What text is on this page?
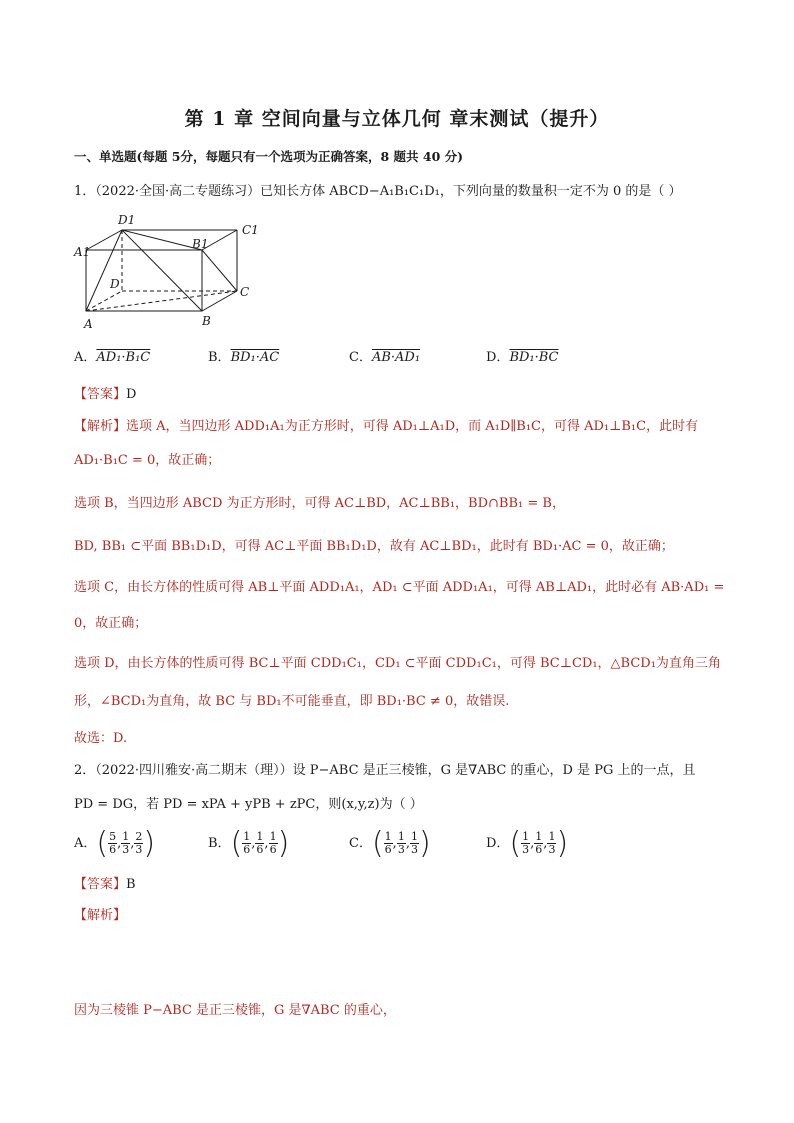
第 1 章 空间向量与立体几何 章末测试（提升）
一、单选题(每题 5分，每题只有一个选项为正确答案，8 题共 40 分)
1．（2022·全国·高二专题练习）已知长方体 ABCD−A₁B₁C₁D₁，下列向量的数量积一定不为 0 的是（ ）
D1
C1
A1
B1
D
C
A	B
A．AD₁·B₁C	B．BD₁·AC	C．AB·AD₁	D．BD₁·BC
【答案】D
【解析】选项 A，当四边形 ADD₁A₁为正方形时，可得 AD₁⊥A₁D，而 A₁D∥B₁C，可得 AD₁⊥B₁C，此时有
AD₁·B₁C = 0，故正确；
选项 B，当四边形 ABCD 为正方形时，可得 AC⊥BD，AC⊥BB₁，BD∩BB₁ = B，
BD, BB₁ ⊂平面 BB₁D₁D，可得 AC⊥平面 BB₁D₁D，故有 AC⊥BD₁，此时有 BD₁·AC = 0，故正确；
选项 C，由长方体的性质可得 AB⊥平面 ADD₁A₁，AD₁ ⊂平面 ADD₁A₁，可得 AB⊥AD₁，此时必有 AB·AD₁ =
0，故正确；
选项 D，由长方体的性质可得 BC⊥平面 CDD₁C₁，CD₁ ⊂平面 CDD₁C₁，可得 BC⊥CD₁，△BCD₁为直角三角
形，∠BCD₁为直角，故 BC 与 BD₁不可能垂直，即 BD₁·BC ≠ 0，故错误.
故选：D.
2．（2022·四川雅安·高二期末（理））设 P−ABC 是正三棱锥，G 是∇ABC 的重心，D 是 PG 上的一点，且
PD = DG，若 PD = xPA + yPB + zPC，则(x,y,z)为（ ）
A．( $\frac{5}{6}$ , $\frac{1}{3}$ , $\frac{2}{3}$ )	B．( $\frac{1}{6}$ , $\frac{1}{6}$ , $\frac{1}{6}$ )	C．( $\frac{1}{6}$ , $\frac{1}{3}$ , $\frac{1}{3}$ )	D．( $\frac{1}{3}$ , $\frac{1}{6}$ , $\frac{1}{3}$ )
【答案】B
【解析】
因为三棱锥 P−ABC 是正三棱锥，G 是∇ABC 的重心，
